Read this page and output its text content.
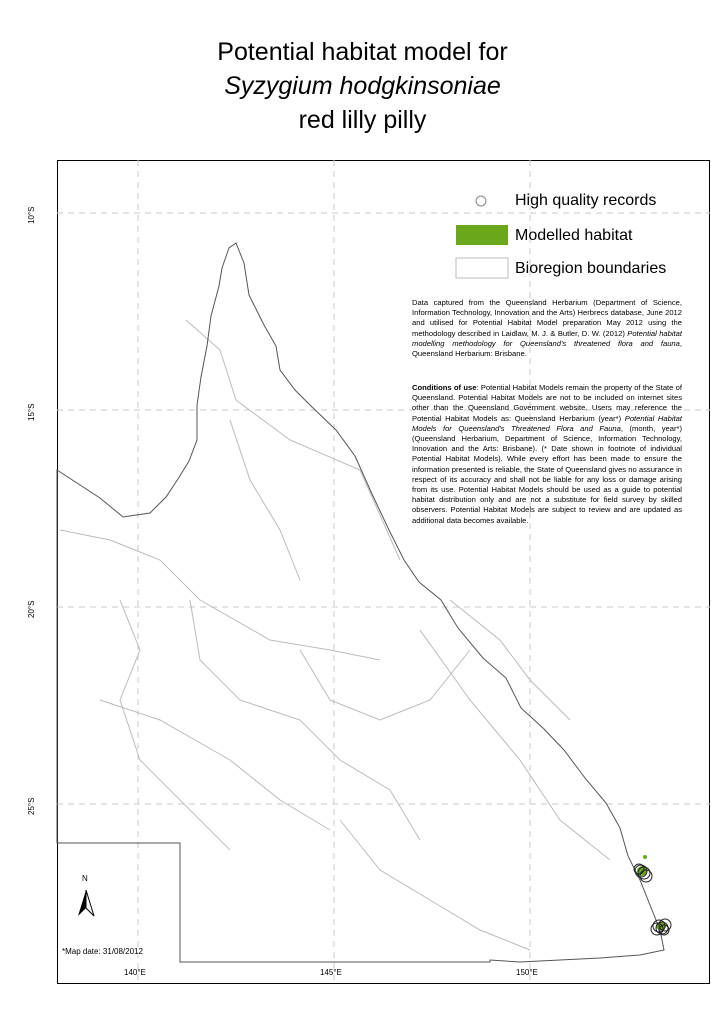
Potential habitat model for
Syzygium hodgkinsoniae
red lilly pilly
High quality records
Modelled habitat
Bioregion boundaries
Data captured from the Queensland Herbarium (Department of Science, Information Technology, Innovation and the Arts) Herbrecs database, June 2012 and utilised for Potential Habitat Model preparation May 2012 using the methodology described in Laidlaw, M. J. & Butler, D. W. (2012) Potential habitat modelling methodology for Queensland's threatened flora and fauna, Queensland Herbarium: Brisbane.
Conditions of use: Potential Habitat Models remain the property of the State of Queensland. Potential Habitat Models are not to be included on internet sites other than the Queensland Government website. Users may reference the Potential Habitat Models as: Queensland Herbarium (year*) Potential Habitat Models for Queensland's Threatened Flora and Fauna, (month, year*) (Queensland Herbarium, Department of Science, Information Technology, Innovation and the Arts: Brisbane). (* Date shown in footnote of individual Potential Habitat Models). While every effort has been made to ensure the information presented is reliable, the State of Queensland gives no assurance in respect of its accuracy and shall not be liable for any loss or damage arising from its use. Potential Habitat Models should be used as a guide to potential habitat distribution only and are not a substitute for field survey by skilled observers. Potential Habitat Models are subject to review and are updated as additional data becomes available.
10°S
15°S
20°S
25°S
140°E	145°E	150°E
N
*Map date: 31/08/2012
